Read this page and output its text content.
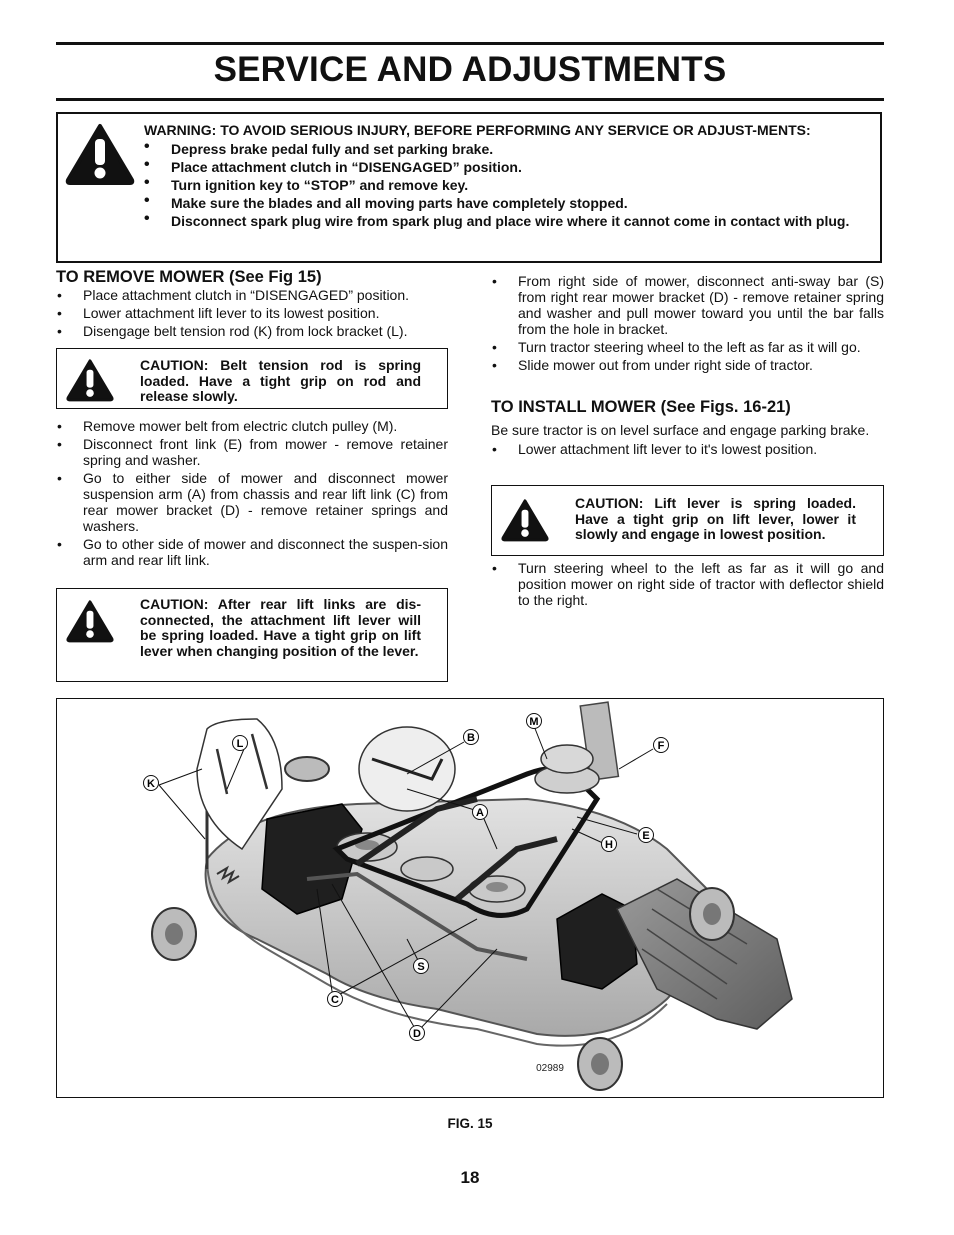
SERVICE AND ADJUSTMENTS
WARNING: TO AVOID SERIOUS INJURY, BEFORE PERFORMING ANY SERVICE OR ADJUST-MENTS:
• Depress brake pedal fully and set parking brake.
• Place attachment clutch in “DISENGAGED” position.
• Turn ignition key to “STOP” and remove key.
• Make sure the blades and all moving parts have completely stopped.
• Disconnect spark plug wire from spark plug and place wire where it cannot come in contact with plug.
TO REMOVE MOWER (See Fig 15)
• Place attachment clutch in “DISENGAGED” position.
• Lower attachment lift lever to its lowest position.
• Disengage belt tension rod (K) from lock bracket (L).
CAUTION: Belt tension rod is spring loaded. Have a tight grip on rod and release slowly.
• Remove mower belt from electric clutch pulley (M).
• Disconnect front link (E) from mower - remove retainer spring and washer.
• Go to either side of mower and disconnect mower suspension arm (A) from chassis and rear lift link (C) from rear mower bracket (D) - remove retainer springs and washers.
• Go to other side of mower and disconnect the suspen-sion arm and rear lift link.
CAUTION: After rear lift links are dis-connected, the attachment lift lever will be spring loaded. Have a tight grip on lift lever when changing position of the lever.
• From right side of mower, disconnect anti-sway bar (S) from right rear mower bracket (D) - remove retainer spring and washer and pull mower toward you until the bar falls from the hole in bracket.
• Turn tractor steering wheel to the left as far as it will go.
• Slide mower out from under right side of tractor.
TO INSTALL MOWER (See Figs. 16-21)
Be sure tractor is on level surface and engage parking brake.
• Lower attachment lift lever to it's lowest position.
CAUTION: Lift lever is spring loaded. Have a tight grip on lift lever, lower it slowly and engage in lowest position.
• Turn steering wheel to the left as far as it will go and position mower on right side of tractor with deflector shield to the right.
L
K
B
M
F
A
E
H
S
C
D
02989
FIG. 15
18
